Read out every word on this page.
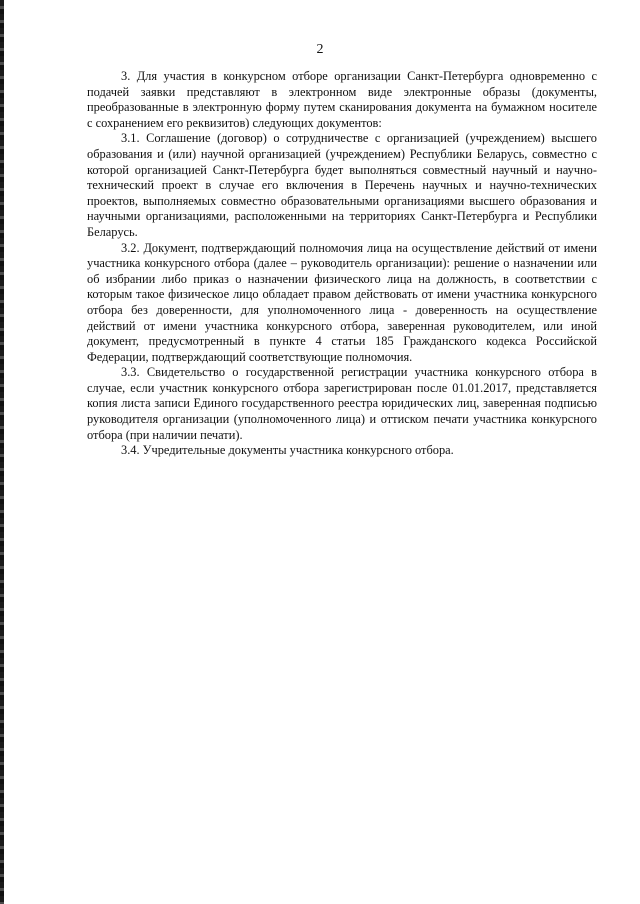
2

3. Для участия в конкурсном отборе организации Санкт-Петербурга одновременно с подачей заявки представляют в электронном виде электронные образы (документы, преобразованные в электронную форму путем сканирования документа на бумажном носителе с сохранением его реквизитов) следующих документов:

3.1. Соглашение (договор) о сотрудничестве с организацией (учреждением) высшего образования и (или) научной организацией (учреждением) Республики Беларусь, совместно с которой организацией Санкт-Петербурга будет выполняться совместный научный и научно-технический проект в случае его включения в Перечень научных и научно-технических проектов, выполняемых совместно образовательными организациями высшего образования и научными организациями, расположенными на территориях Санкт-Петербурга и Республики Беларусь.

3.2. Документ, подтверждающий полномочия лица на осуществление действий от имени участника конкурсного отбора (далее – руководитель организации): решение о назначении или об избрании либо приказ о назначении физического лица на должность, в соответствии с которым такое физическое лицо обладает правом действовать от имени участника конкурсного отбора без доверенности, для уполномоченного лица - доверенность на осуществление действий от имени участника конкурсного отбора, заверенная руководителем, или иной документ, предусмотренный в пункте 4 статьи 185 Гражданского кодекса Российской Федерации, подтверждающий соответствующие полномочия.

3.3. Свидетельство о государственной регистрации участника конкурсного отбора в случае, если участник конкурсного отбора зарегистрирован после 01.01.2017, представляется копия листа записи Единого государственного реестра юридических лиц, заверенная подписью руководителя организации (уполномоченного лица) и оттиском печати участника конкурсного отбора (при наличии печати).

3.4. Учредительные документы участника конкурсного отбора.
